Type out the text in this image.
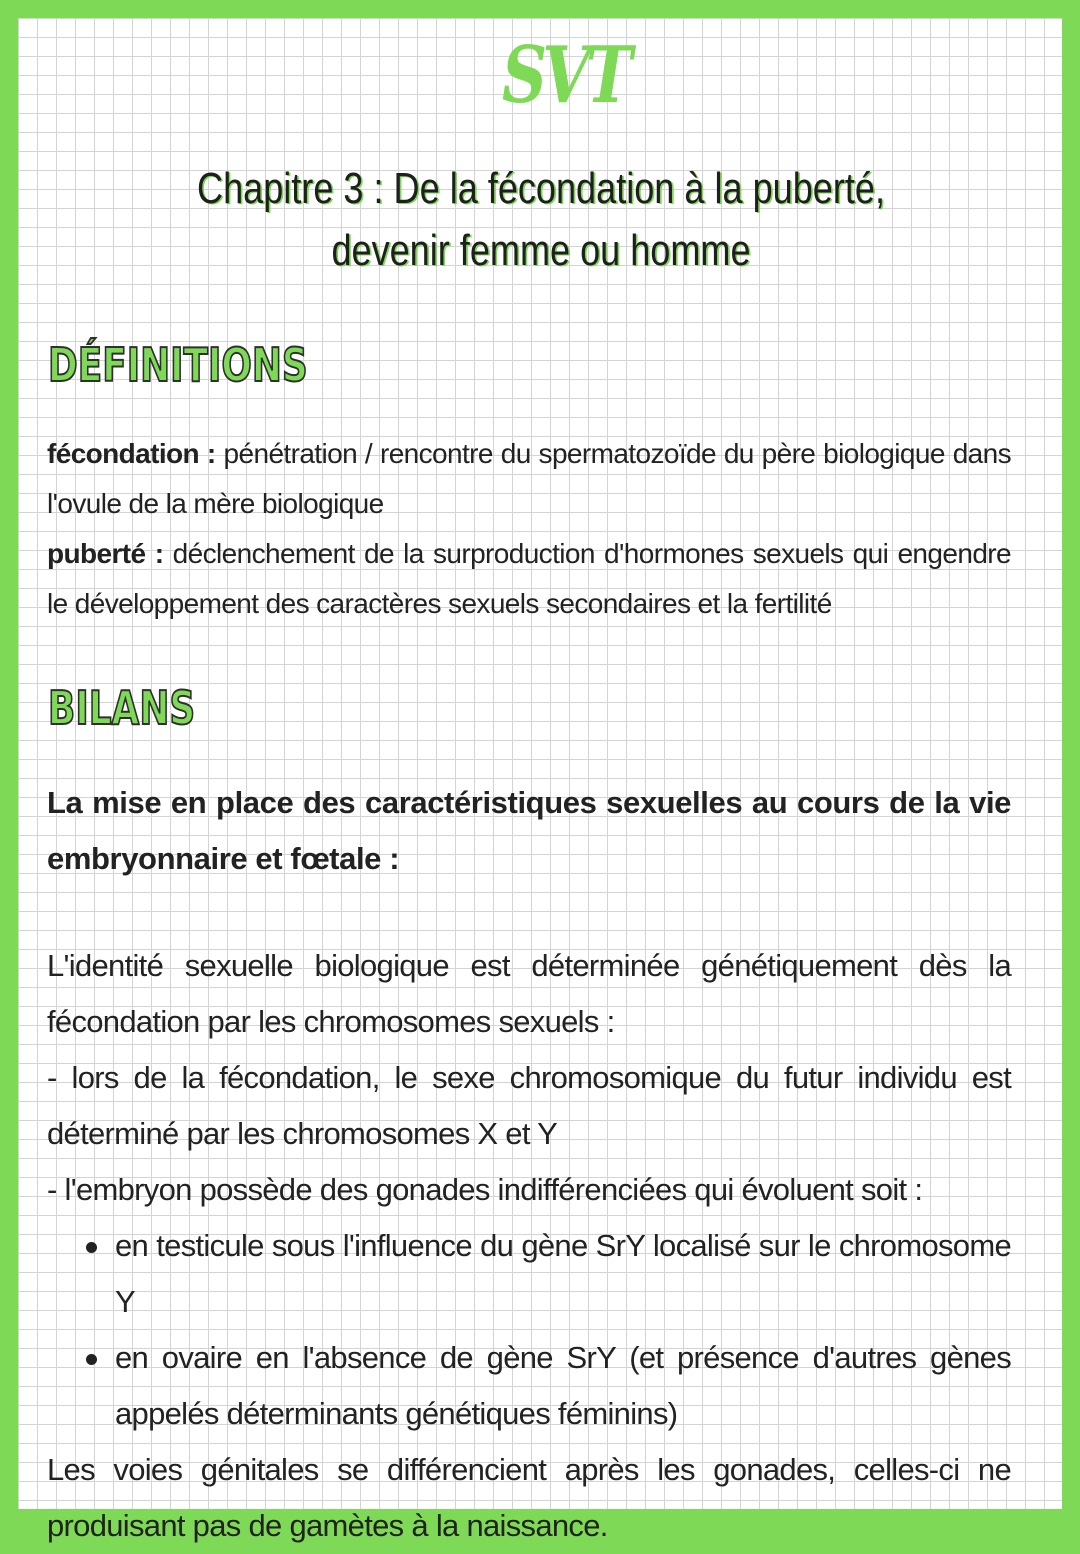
SVT
Chapitre 3 : De la fécondation à la puberté, devenir femme ou homme
DÉFINITIONS
fécondation : pénétration / rencontre du spermatozoïde du père biologique dans l'ovule de la mère biologique
puberté : déclenchement de la surproduction d'hormones sexuels qui engendre le développement des caractères sexuels secondaires et la fertilité
BILANS
La mise en place des caractéristiques sexuelles au cours de la vie embryonnaire et fœtale :

L'identité sexuelle biologique est déterminée génétiquement dès la fécondation par les chromosomes sexuels :

- lors de la fécondation, le sexe chromosomique du futur individu est déterminé par les chromosomes X et Y

- l'embryon possède des gonades indifférenciées qui évoluent soit :

en testicule sous l'influence du gène SrY localisé sur le chromosome Y
en ovaire en l'absence de gène SrY (et présence d'autres gènes appelés déterminants génétiques féminins)

Les voies génitales se différencient après les gonades, celles-ci ne produisant pas de gamètes à la naissance.
